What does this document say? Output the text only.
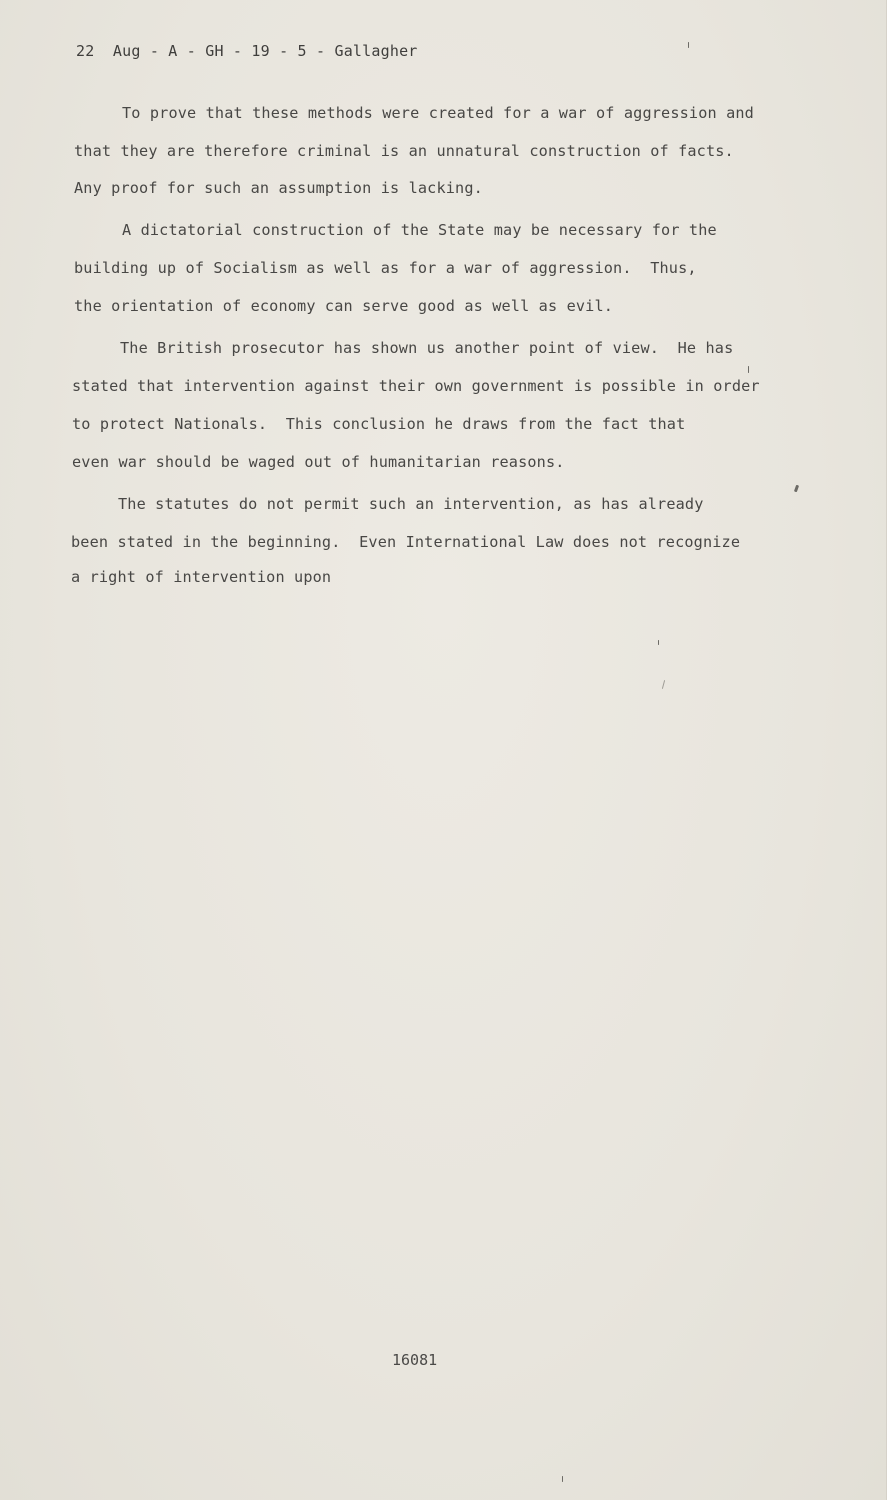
22  Aug - A - GH - 19 - 5 - Gallagher
To prove that these methods were created for a war of aggression and
that they are therefore criminal is an unnatural construction of facts.
Any proof for such an assumption is lacking.
A dictatorial construction of the State may be necessary for the
building up of Socialism as well as for a war of aggression.  Thus,
the orientation of economy can serve good as well as evil.
The British prosecutor has shown us another point of view.  He has
stated that intervention against their own government is possible in order
to protect Nationals.  This conclusion he draws from the fact that
even war should be waged out of humanitarian reasons.
The statutes do not permit such an intervention, as has already
been stated in the beginning.  Even International Law does not recognize
a right of intervention upon
16081
